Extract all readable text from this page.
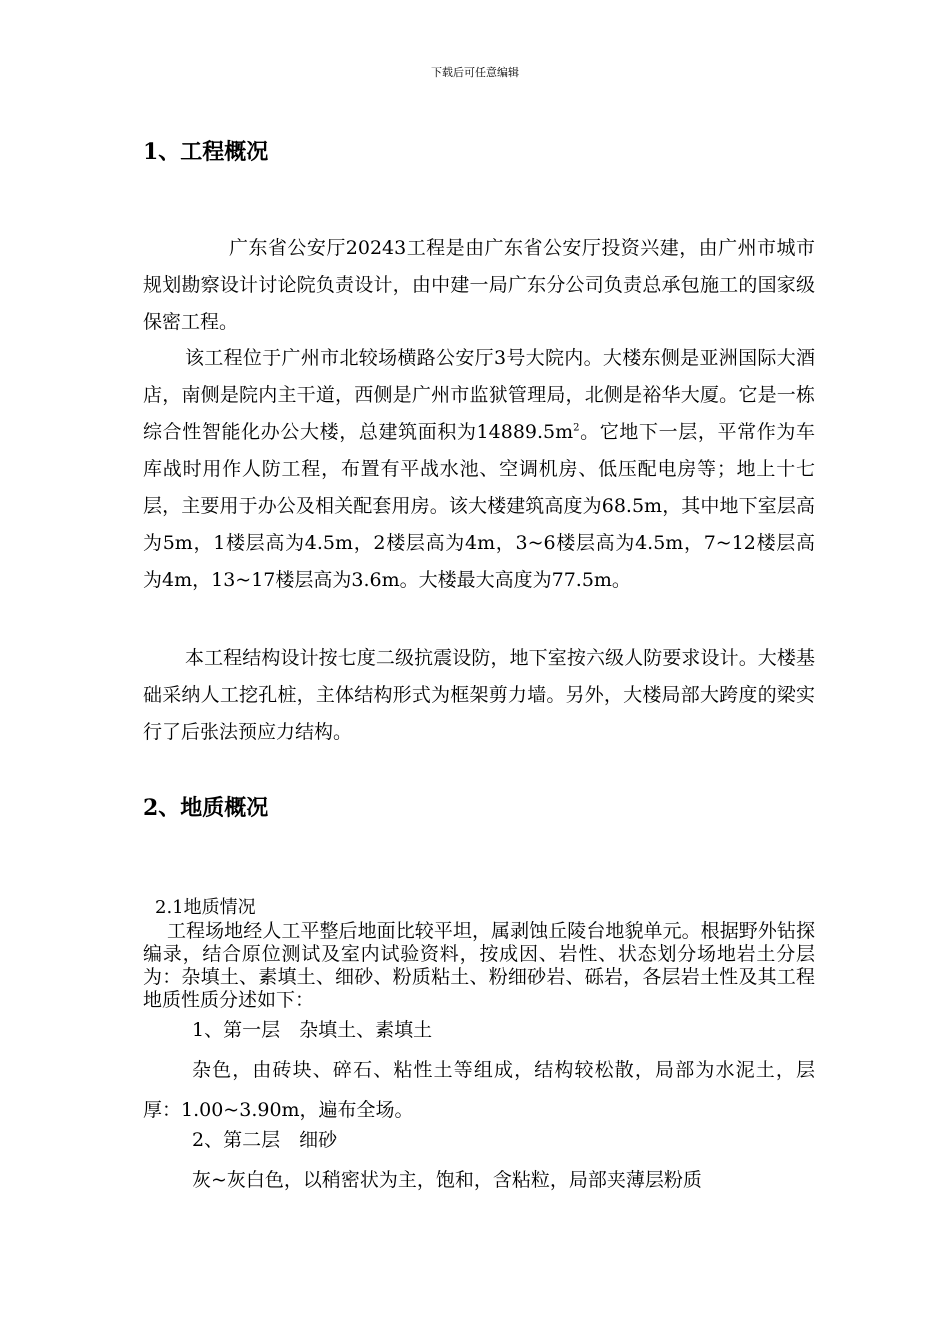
下载后可任意编辑
1、工程概况

广东省公安厅20243工程是由广东省公安厅投资兴建，由广州市城市规划勘察设计讨论院负责设计，由中建一局广东分公司负责总承包施工的国家级保密工程。

该工程位于广州市北较场横路公安厅3号大院内。大楼东侧是亚洲国际大酒店，南侧是院内主干道，西侧是广州市监狱管理局，北侧是裕华大厦。它是一栋综合性智能化办公大楼，总建筑面积为$14889.5m^2$。它地下一层，平常作为车库战时用作人防工程，布置有平战水池、空调机房、低压配电房等；地上十七层，主要用于办公及相关配套用房。该大楼建筑高度为68.5m，其中地下室层高为5m，1楼层高为4.5m，2楼层高为4m，3~6楼层高为4.5m，7~12楼层高为4m，13~17楼层高为3.6m。大楼最大高度为77.5m。

本工程结构设计按七度二级抗震设防，地下室按六级人防要求设计。大楼基础采纳人工挖孔桩，主体结构形式为框架剪力墙。另外，大楼局部大跨度的梁实行了后张法预应力结构。

2、地质概况
2.1地质情况

工程场地经人工平整后地面比较平坦，属剥蚀丘陵台地貌单元。根据野外钻探编录，结合原位测试及室内试验资料，按成因、岩性、状态划分场地岩土分层为：杂填土、素填土、细砂、粉质粘土、粉细砂岩、砾岩，各层岩土性及其工程地质性质分述如下：

1、第一层　杂填土、素填土

杂色，由砖块、碎石、粘性土等组成，结构较松散，局部为水泥土，层厚：1.00~3.90m，遍布全场。

2、第二层　细砂

灰~灰白色，以稍密状为主，饱和，含粘粒，局部夹薄层粉质
